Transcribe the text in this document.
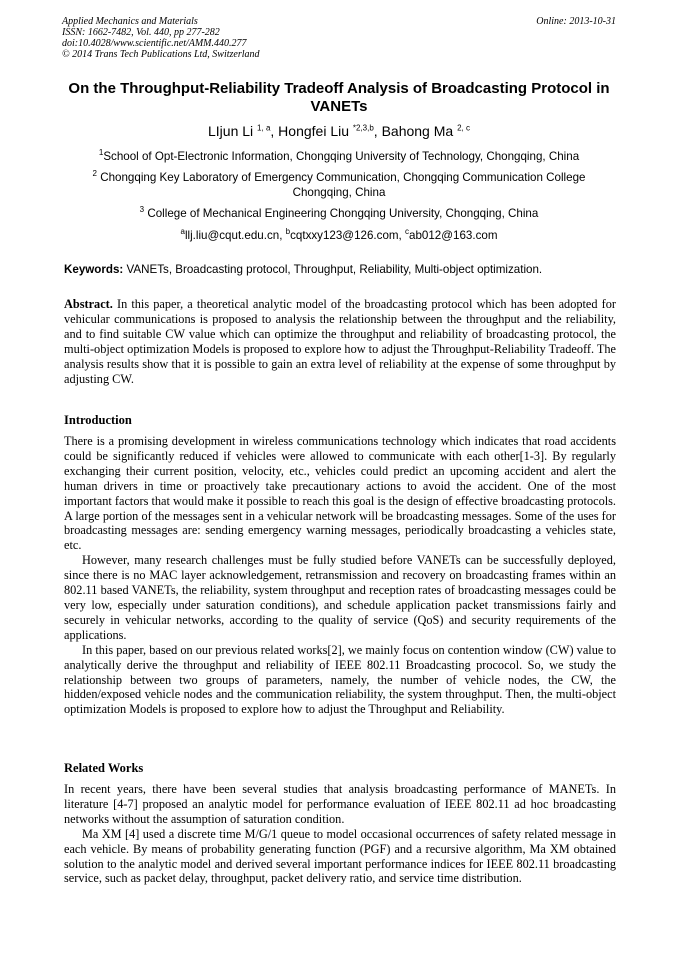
Applied Mechanics and Materials
ISSN: 1662-7482, Vol. 440, pp 277-282
doi:10.4028/www.scientific.net/AMM.440.277
© 2014 Trans Tech Publications Ltd, Switzerland
Online: 2013-10-31
On the Throughput-Reliability Tradeoff Analysis of Broadcasting Protocol in VANETs
LIjun Li $^{1, a}$, Hongfei Liu $^{*2,3,b}$, Bahong Ma $^{2, c}$
$^1$School of Opt-Electronic Information, Chongqing University of Technology, Chongqing, China
$^2$ Chongqing Key Laboratory of Emergency Communication, Chongqing Communication College Chongqing, China
$^3$ College of Mechanical Engineering Chongqing University, Chongqing, China
$^a$llj.liu@cqut.edu.cn, $^b$cqtxxy123@126.com, $^c$ab012@163.com
Keywords: VANETs, Broadcasting protocol, Throughput, Reliability, Multi-object optimization.

Abstract. In this paper, a theoretical analytic model of the broadcasting protocol which has been adopted for vehicular communications is proposed to analysis the relationship between the throughput and the reliability, and to find suitable CW value which can optimize the throughput and reliability of broadcasting protocol, the multi-object optimization Models is proposed to explore how to adjust the Throughput-Reliability Tradeoff. The analysis results show that it is possible to gain an extra level of reliability at the expense of some throughput by adjusting CW.

Introduction

There is a promising development in wireless communications technology which indicates that road accidents could be significantly reduced if vehicles were allowed to communicate with each other[1-3]. By regularly exchanging their current position, velocity, etc., vehicles could predict an upcoming accident and alert the human drivers in time or proactively take precautionary actions to avoid the accident. One of the most important factors that would make it possible to reach this goal is the design of effective broadcasting protocols. A large portion of the messages sent in a vehicular network will be broadcasting messages. Some of the uses for broadcasting messages are: sending emergency warning messages, periodically broadcasting a vehicles state, etc.

However, many research challenges must be fully studied before VANETs can be successfully deployed, since there is no MAC layer acknowledgement, retransmission and recovery on broadcasting frames within an 802.11 based VANETs, the reliability, system throughput and reception rates of broadcasting messages could be very low, especially under saturation conditions), and schedule application packet transmissions fairly and securely in vehicular networks, according to the quality of service (QoS) and security requirements of the applications.

In this paper, based on our previous related works[2], we mainly focus on contention window (CW) value to analytically derive the throughput and reliability of IEEE 802.11 Broadcasting prococol. So, we study the relationship between two groups of parameters, namely, the number of vehicle nodes, the CW, the hidden/exposed vehicle nodes and the communication reliability, the system throughput. Then, the multi-object optimization Models is proposed to explore how to adjust the Throughput and Reliability.

Related Works

In recent years, there have been several studies that analysis broadcasting performance of MANETs. In literature [4-7] proposed an analytic model for performance evaluation of IEEE 802.11 ad hoc broadcasting networks without the assumption of saturation condition.

Ma XM [4] used a discrete time M/G/1 queue to model occasional occurrences of safety related message in each vehicle. By means of probability generating function (PGF) and a recursive algorithm, Ma XM obtained solution to the analytic model and derived several important performance indices for IEEE 802.11 broadcasting service, such as packet delay, throughput, packet delivery ratio, and service time distribution.
